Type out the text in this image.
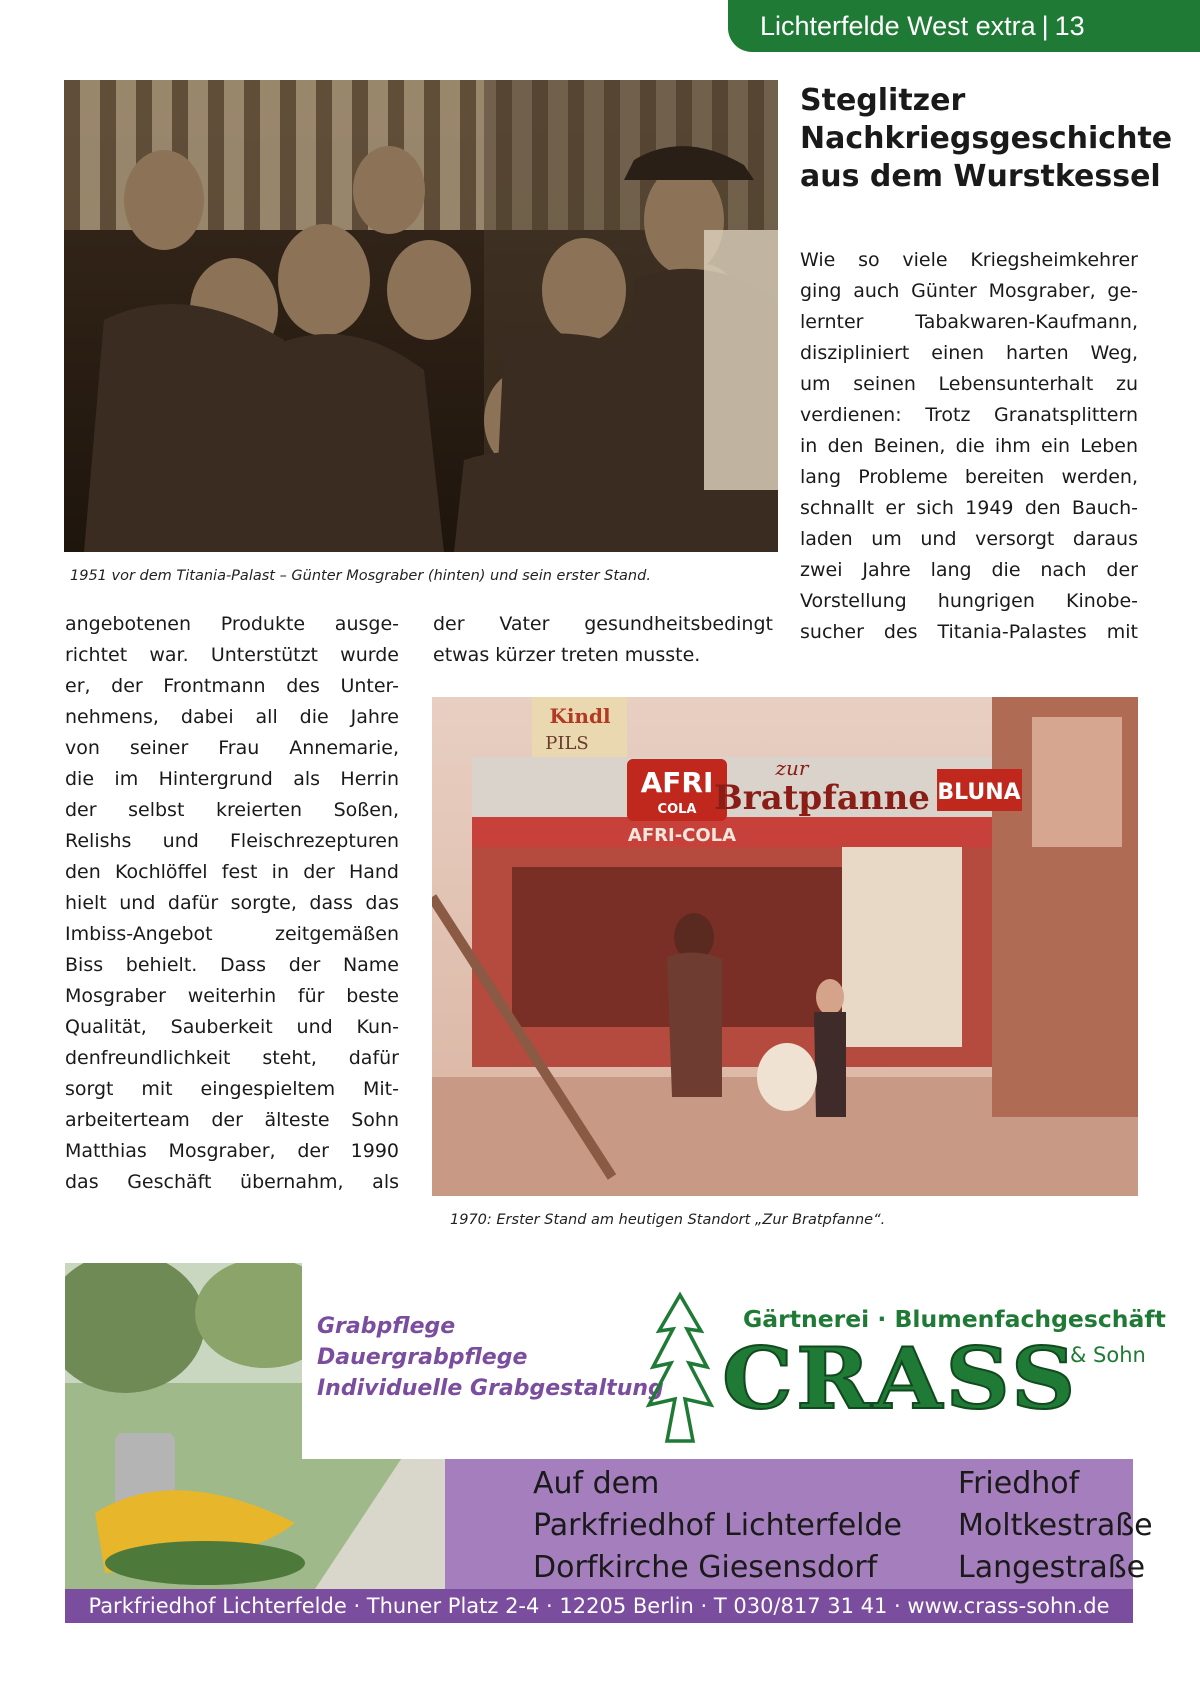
Lichterfelde West extra | 13
1951 vor dem Titania-Palast – Günter Mosgraber (hinten) und sein erster Stand.
Steglitzer
Nachkriegsgeschichte
aus dem Wurstkessel
Wie so viele Kriegsheimkehrer
ging auch Günter Mosgraber, ge-
lernter Tabakwaren-Kaufmann,
diszipliniert einen harten Weg,
um seinen Lebensunterhalt zu
verdienen: Trotz Granatsplittern
in den Beinen, die ihm ein Leben
lang Probleme bereiten werden,
schnallt er sich 1949 den Bauch-
laden um und versorgt daraus
zwei Jahre lang die nach der
Vorstellung hungrigen Kinobe-
sucher des Titania-Palastes mit
angebotenen Produkte ausge-
richtet war. Unterstützt wurde
er, der Frontmann des Unter-
nehmens, dabei all die Jahre
von seiner Frau Annemarie,
die im Hintergrund als Herrin
der selbst kreierten Soßen,
Relishs und Fleischrezepturen
den Kochlöffel fest in der Hand
hielt und dafür sorgte, dass das
Imbiss-Angebot zeitgemäßen
Biss behielt. Dass der Name
Mosgraber weiterhin für beste
Qualität, Sauberkeit und Kun-
denfreundlichkeit steht, dafür
sorgt mit eingespieltem Mit-
arbeiterteam der älteste Sohn
Matthias Mosgraber, der 1990
das Geschäft übernahm, als
der Vater gesundheitsbedingt
etwas kürzer treten musste.
AFRI
COLA
zur
Bratpfanne BLUNA
AFRI-COLA
Kindl
PILS
1970: Erster Stand am heutigen Standort „Zur Bratpfanne“.
Grabpflege
Dauergrabpflege
Individuelle Grabgestaltung
Gärtnerei · Blumenfachgeschäft
CRASS
& Sohn
Auf dem
Parkfriedhof Lichterfelde
Dorfkirche Giesensdorf
Friedhof
Moltkestraße
Langestraße
Parkfriedhof Lichterfelde · Thuner Platz 2-4 · 12205 Berlin · T 030/817 31 41 · www.crass-sohn.de
